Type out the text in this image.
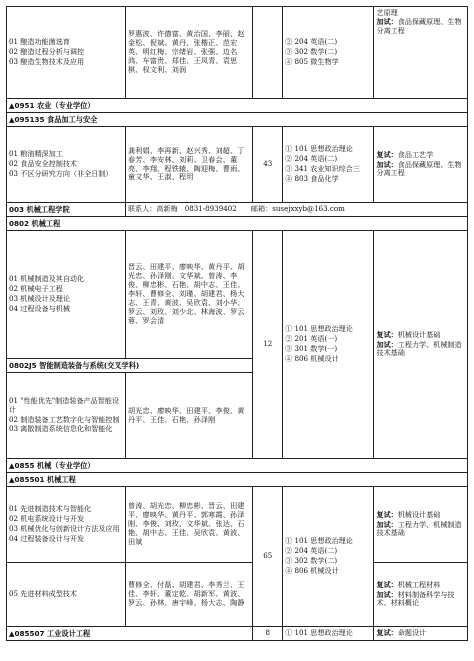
01 酿造功能菌选育
02 酿造过程分析与调控
03 酿造生物技术及应用	罗惠波、许德富、黄治国、李丽、赵金松、倪斌、黄丹、张楷正、范宏英、明红梅、宗绪岩、张强、边名鸿、车富贵、郑佳、王凤青、袁思棋、权文利、刘润		② 204 英语(二)
③ 302 数学(二)
④ 805 微生物学	艺原理
加试：食品保藏原理、生物分离工程

▲0951 农业（专业学位）				
▲095135 食品加工与安全				

01 粮油精深加工
02 食品安全控制技术
03 不区分研究方向（非全日制）	龚利娟、李再新、赵兴秀、刘超、丁春芳、李安林、刘莉、卫春会、董亮、李翔、程铁辕、陶迎梅、曹雨、童文华、王淑、程玥	43	① 101 思想政治理论
② 204 英语(二)
③ 341 农业知识综合三
④ 803 食品化学	复试：食品工艺学
加试：食品保藏原理、生物分离工程

003 机械工程学院	联系人：高新梅　0831-8939402　　邮箱：susejxxyb@163.com			
0802 机械工程				

01 机械制造及其自动化
02 机械电子工程
03 机械设计及理论
04 过程设备与机械	晋云、田建平、廖映华、黄丹平、胡光忠、孙泽刚、文华斌、曾涛、李俊、柳忠彬、石艳、胡中志、王佳、李轩、曹修全、刘瑾、胡建君、杨大志、王青、黄波、吴欣袁、刘小华、罗云、刘玫、刘少北、林海波、罗云蓉、罗会清	12	① 101 思想政治理论
② 201 英语(一)
③ 301 数学(一)
④ 806 机械设计	复试：机械设计基础
加试：工程力学、机械制造技术基础

0802J5 智能制造装备与系统(交叉学科)				

01 "性能优先"制造装备产品智能设计
02 制造装备工艺数字化与智能控制
03 离散制造系统信息化和智能化	胡光忠、廖映华、田建平、李俊、黄丹平、王佳、石艳、孙泽刚			
▲0855 机械（专业学位）				
▲085501 机械工程				

01 先进制造技术与智能化
02 机电系统设计与开发
03 机械优化与创新设计方法及应用
04 过程装备设计与开发	曾涛、胡光忠、柳忠彬、晋云、田建平、廖映华、黄丹平、郭寒霞、孙泽刚、李俊、刘玫、文华斌、张达、石艳、胡中志、王佳、吴欣袁、黄波、田斌	65	① 101 思想政治理论
② 204 英语(二)
③ 302 数学(二)
④ 806 机械设计	复试：机械设计基础
加试：工程力学、机械制造技术基础

05 先进材料成型技术	曹修全、付磊、胡建君、李秀兰、王佳、李轩、董定乾、胡新军、黄波、罗云、孙林、唐宇峰、杨大志、陶静			复试：机械工程材料
加试：材料制备科学与技术、材料概论

▲085507 工业设计工程		8	① 101 思想政治理论	复试：命题设计
